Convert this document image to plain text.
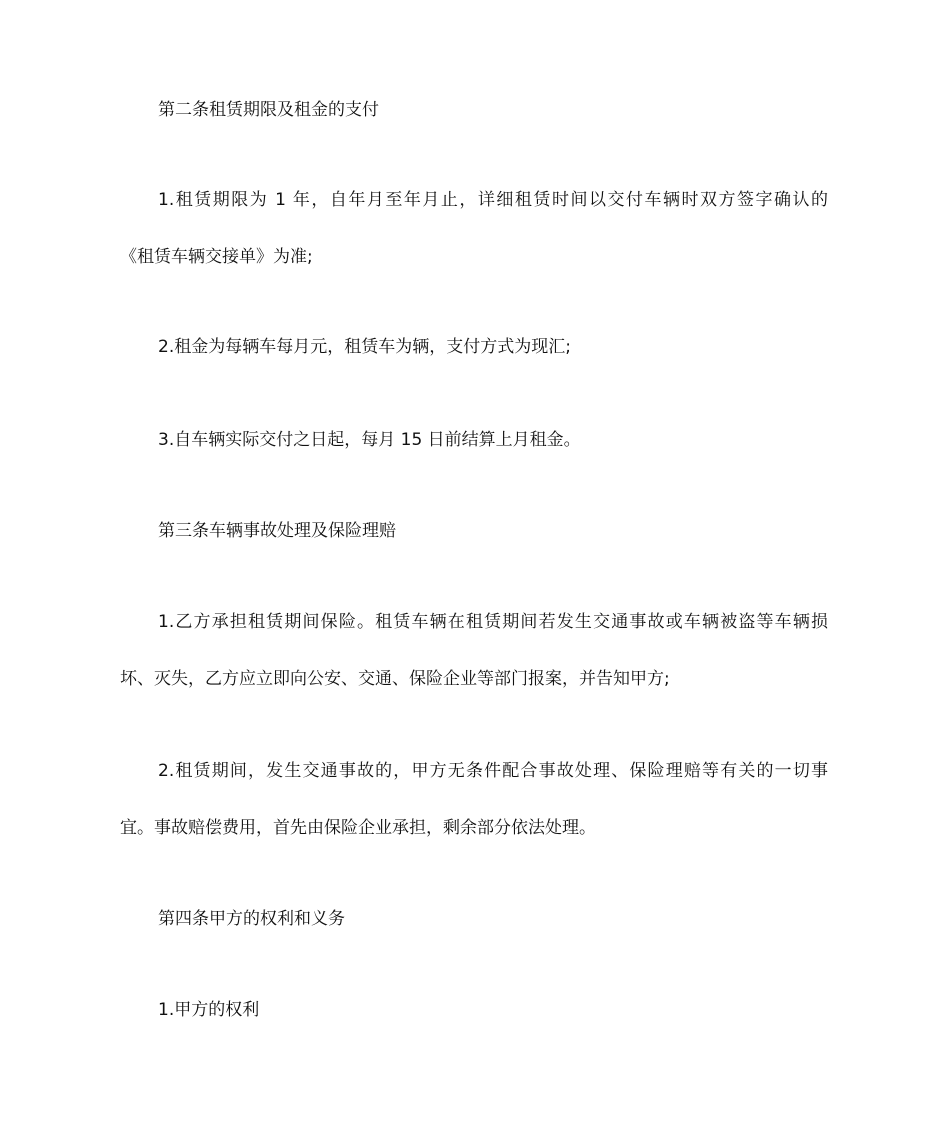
第二条租赁期限及租金的支付

1.租赁期限为 1 年，自年月至年月止，详细租赁时间以交付车辆时双方签字确认的

《租赁车辆交接单》为准;

2.租金为每辆车每月元，租赁车为辆，支付方式为现汇;

3.自车辆实际交付之日起，每月 15 日前结算上月租金。

第三条车辆事故处理及保险理赔

1.乙方承担租赁期间保险。租赁车辆在租赁期间若发生交通事故或车辆被盗等车辆损

坏、灭失，乙方应立即向公安、交通、保险企业等部门报案，并告知甲方;

2.租赁期间，发生交通事故的，甲方无条件配合事故处理、保险理赔等有关的一切事

宜。事故赔偿费用，首先由保险企业承担，剩余部分依法处理。

第四条甲方的权利和义务

1.甲方的权利
